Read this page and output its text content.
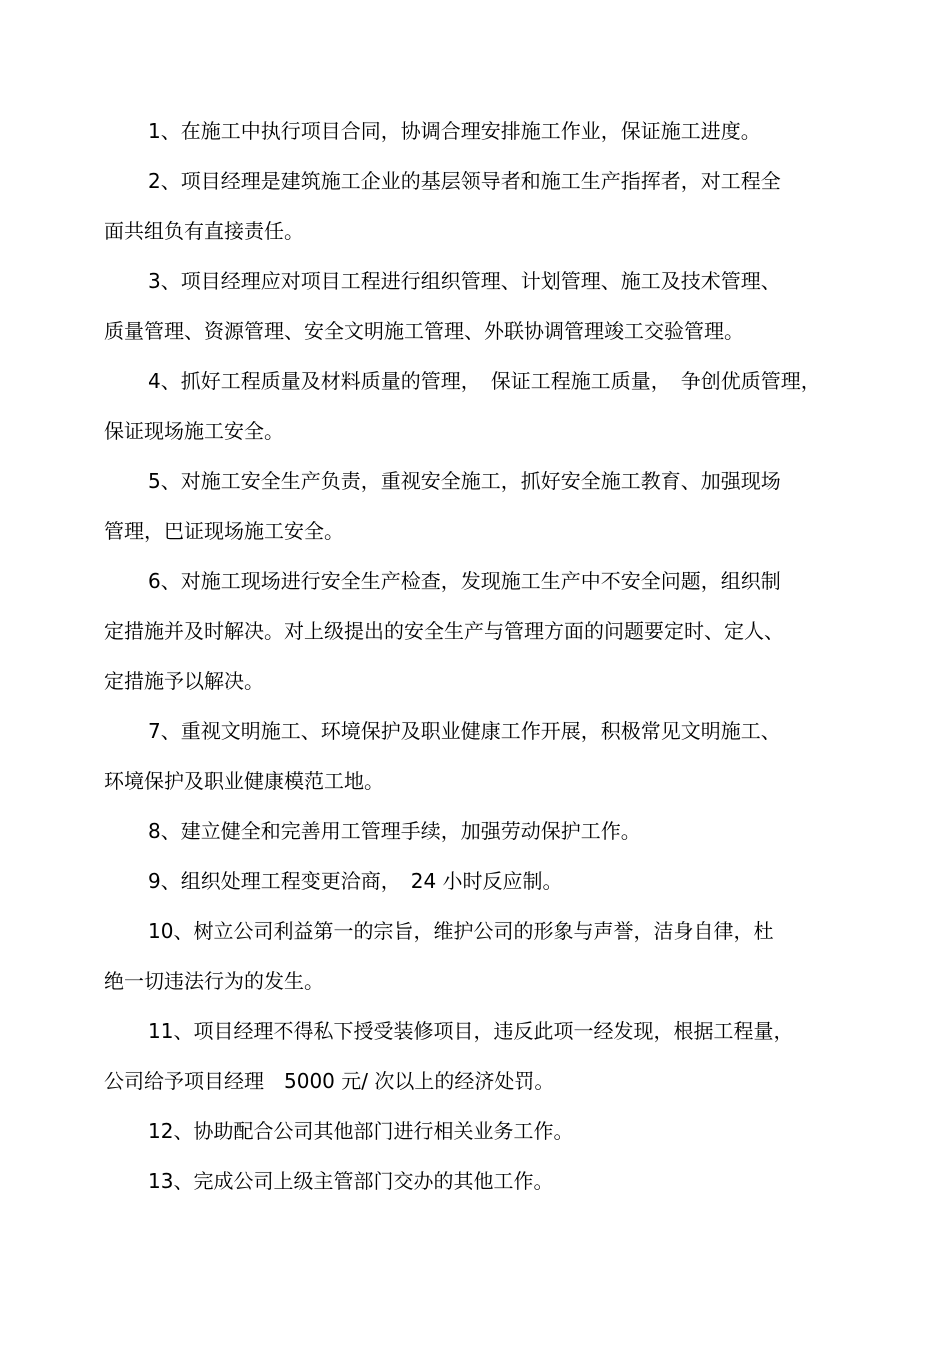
1、在施工中执行项目合同，协调合理安排施工作业，保证施工进度。
2、项目经理是建筑施工企业的基层领导者和施工生产指挥者，对工程全
面共组负有直接责任。
3、项目经理应对项目工程进行组织管理、计划管理、施工及技术管理、
质量管理、资源管理、安全文明施工管理、外联协调管理竣工交验管理。
4、抓好工程质量及材料质量的管理，　保证工程施工质量，　争创优质管理，
保证现场施工安全。
5、对施工安全生产负责，重视安全施工，抓好安全施工教育、加强现场
管理，巴证现场施工安全。
6、对施工现场进行安全生产检查，发现施工生产中不安全问题，组织制
定措施并及时解决。对上级提出的安全生产与管理方面的问题要定时、定人、
定措施予以解决。
7、重视文明施工、环境保护及职业健康工作开展，积极常见文明施工、
环境保护及职业健康模范工地。
8、建立健全和完善用工管理手续，加强劳动保护工作。
9、组织处理工程变更洽商，　24 小时反应制。
10、树立公司利益第一的宗旨，维护公司的形象与声誉，洁身自律，杜
绝一切违法行为的发生。
11、项目经理不得私下授受装修项目，违反此项一经发现，根据工程量，
公司给予项目经理　5000 元/ 次以上的经济处罚。
12、协助配合公司其他部门进行相关业务工作。
13、完成公司上级主管部门交办的其他工作。
